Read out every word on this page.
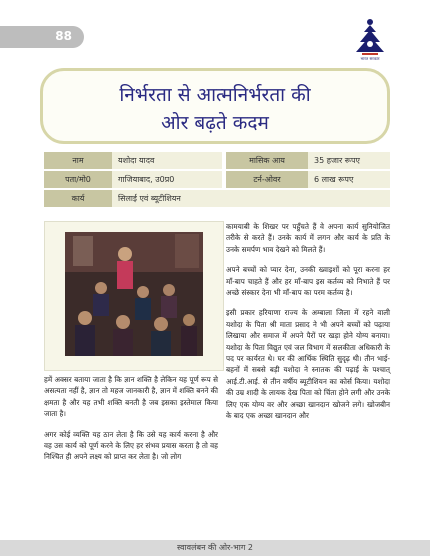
88
भारत सरकार
निर्भरता से आत्मनिर्भरता की
ओर बढ़ते कदम
नाम	यशोदा यादव		मासिक आय	35 हजार रूपए
पता/मो0	गाजियाबाद, उ0प्र0		टर्न-ओवर	6 लाख रूपए
कार्य	सिलाई एवं ब्यूटीशियन			

हमें अक्सर बताया जाता है कि ज्ञान शक्ति है लेकिन यह पूर्ण रूप से असत्यता नहीं है, ज्ञान तो महज जानकारी है, ज्ञान में शक्ति बनने की क्षमता है और यह तभी शक्ति बनती है जब इसका इस्तेमाल किया जाता है।

अगर कोई व्यक्ति यह ठान लेता है कि उसे यह कार्य करना है और वह उस कार्य को पूर्ण करने के लिए हर संभव प्रयास करता है तो वह निश्चित ही अपने लक्ष्य को प्राप्त कर लेता है। जो लोग

कामयाबी के शिखर पर पहुँचते हैं वे अपना कार्य सुनियोजित तरीके से करते हैं। उनके कार्य में लगन और कार्य के प्रति के उनके समर्पण भाव देखने को मिलते हैं।

अपने बच्चों को प्यार देना, उनकी ख्वाइशों को पूरा करना हर माँ-बाप चाहते हैं और हर माँ-बाप इस कर्तव्य को निभाते हैं पर अच्छे संस्कार देना भी माँ-बाप का परम कर्तव्य है।

इसी प्रकार हरियाणा राज्य के अम्बाला जिला में रहने वाली यशोदा के पिता श्री माता प्रसाद ने भी अपने बच्चों को पढ़ाया लिखाया और समाज में अपने पैरों पर खड़ा होने योग्य बनाया। यशोदा के पिता विद्युत एवं जल विभाग में सलकीता अधिकारी के पद पर कार्यरत थे। घर की आर्थिक स्थिति सुदृढ़ थी। तीन भाई-बहनों में सबसे बड़ी यशोदा ने स्नातक की पढ़ाई के पश्चात् आई.टी.आई. से तीन वर्षीय ब्यूटीशियन का कोर्स किया। यशोदा की उम्र शादी के लायक देख पिता को चिंता होने लगी और उनके लिए एक योग्य वर और अच्छा खानदान खोजने लगे। खोजबीन के बाद एक अच्छा खानदान और

स्वावलंबन की ओर-भाग 2
